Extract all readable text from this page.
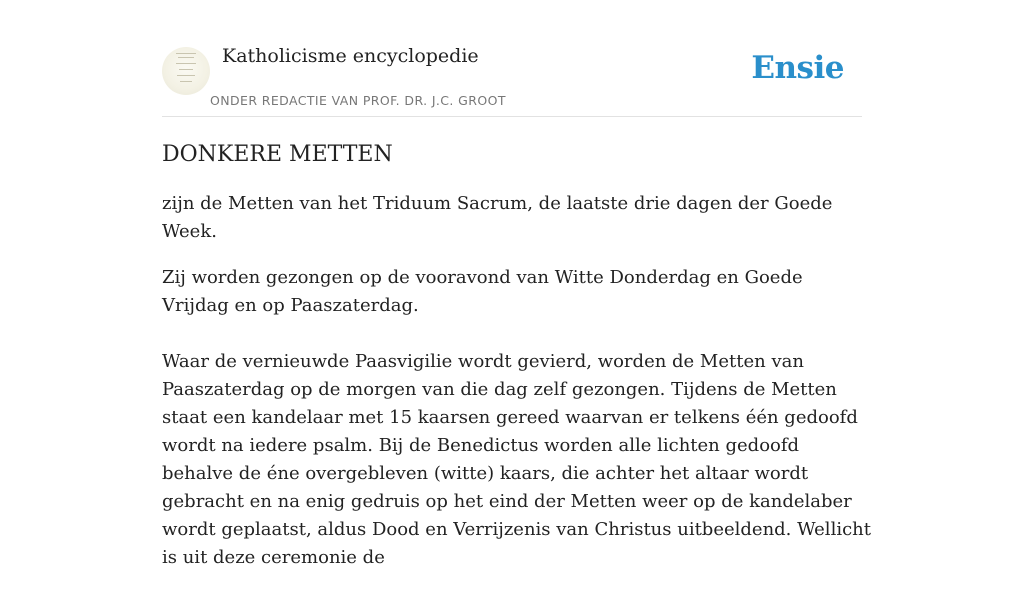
Katholicisme encyclopedie
ONDER REDACTIE VAN PROF. DR. J.C. GROOT
Ensie
DONKERE METTEN

zijn de Metten van het Triduum Sacrum, de laatste drie dagen der Goede Week.

Zij worden gezongen op de vooravond van Witte Donderdag en Goede Vrijdag en op Paaszaterdag.

Waar de vernieuwde Paasvigilie wordt gevierd, worden de Metten van Paaszaterdag op de morgen van die dag zelf gezongen. Tijdens de Metten staat een kandelaar met 15 kaarsen gereed waarvan er telkens één gedoofd wordt na iedere psalm. Bij de Benedictus worden alle lichten gedoofd behalve de éne overgebleven (witte) kaars, die achter het altaar wordt gebracht en na enig gedruis op het eind der Metten weer op de kandelaber wordt geplaatst, aldus Dood en Verrijzenis van Christus uitbeeldend. Wellicht is uit deze ceremonie de
